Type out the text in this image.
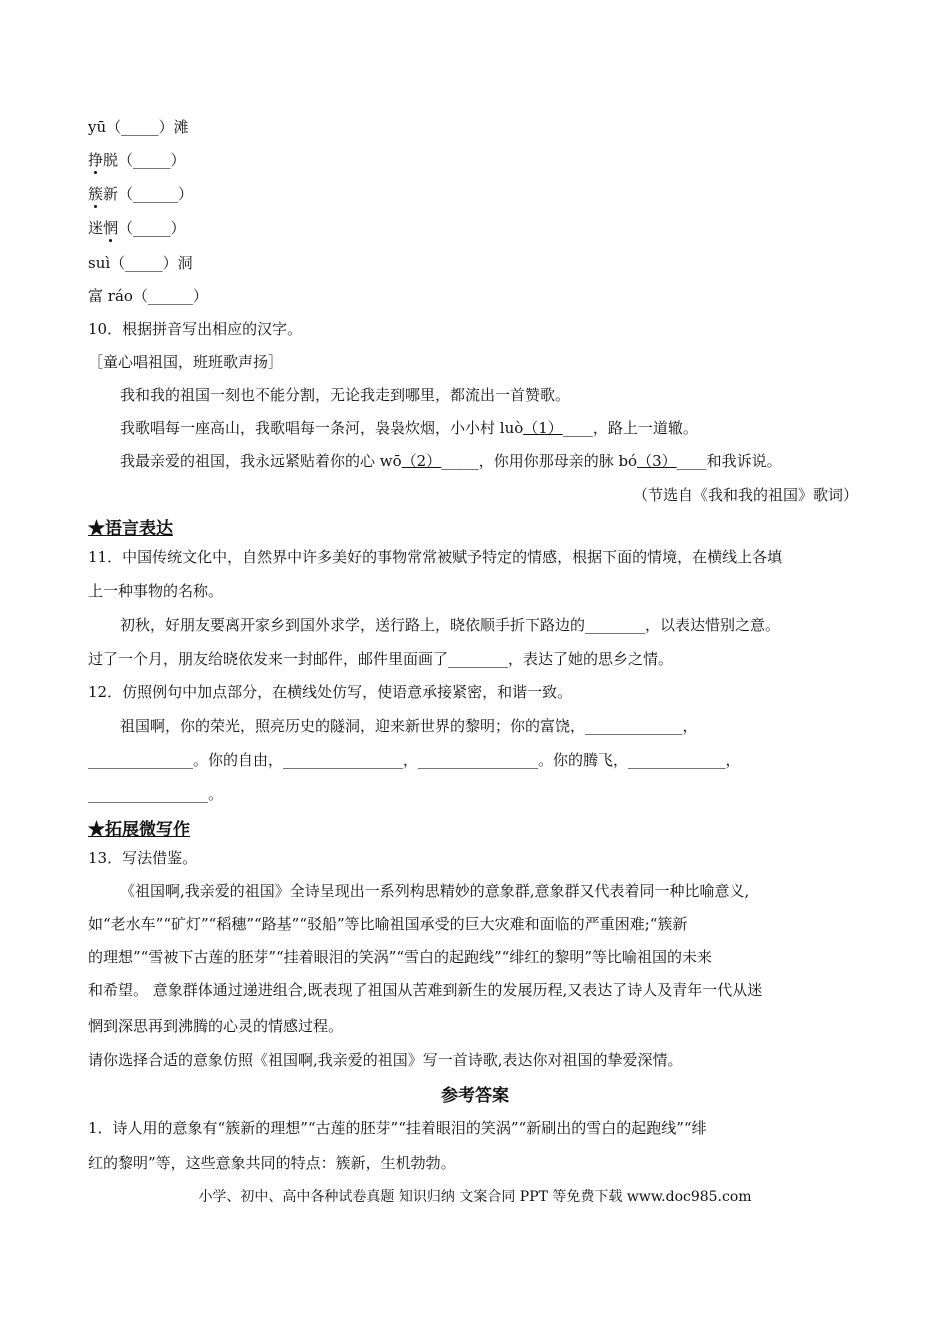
yū（_____）滩
挣脱（_____）
簇新（______）
迷惘（_____）
suì（_____）洞
富 ráo（______）
10．根据拼音写出相应的汉字。
［童心唱祖国，班班歌声扬］
我和我的祖国一刻也不能分割，无论我走到哪里，都流出一首赞歌。
我歌唱每一座高山，我歌唱每一条河，袅袅炊烟，小小村 luò（1）____，路上一道辙。
我最亲爱的祖国，我永远紧贴着你的心 wō（2）_____，你用你那母亲的脉 bó（3）____和我诉说。
（节选自《我和我的祖国》歌词）
★语言表达
11．中国传统文化中，自然界中许多美好的事物常常被赋予特定的情感，根据下面的情境，在横线上各填
上一种事物的名称。
初秋，好朋友要离开家乡到国外求学，送行路上，晓依顺手折下路边的________，以表达惜别之意。
过了一个月，朋友给晓依发来一封邮件，邮件里面画了________，表达了她的思乡之情。
12．仿照例句中加点部分，在横线处仿写，使语意承接紧密，和谐一致。
祖国啊，你的荣光，照亮历史的隧洞，迎来新世界的黎明；你的富饶，_____________，
______________。你的自由，________________，________________。你的腾飞，_____________，
________________。
★拓展微写作
13．写法借鉴。
《祖国啊,我亲爱的祖国》全诗呈现出一系列构思精妙的意象群,意象群又代表着同一种比喻意义,
如“老水车”“矿灯”“稻穗”“路基”“驳船”等比喻祖国承受的巨大灾难和面临的严重困难;“簇新
的理想”“雪被下古莲的胚芽”“挂着眼泪的笑涡”“雪白的起跑线”“绯红的黎明”等比喻祖国的未来
和希望。 意象群体通过递进组合,既表现了祖国从苦难到新生的发展历程,又表达了诗人及青年一代从迷
惘到深思再到沸腾的心灵的情感过程。
请你选择合适的意象仿照《祖国啊,我亲爱的祖国》写一首诗歌,表达你对祖国的挚爱深情。
参考答案
1．诗人用的意象有“簇新的理想”“古莲的胚芽”“挂着眼泪的笑涡”“新刷出的雪白的起跑线”“绯
红的黎明”等，这些意象共同的特点：簇新，生机勃勃。
小学、初中、高中各种试卷真题 知识归纳 文案合同 PPT 等免费下载 www.doc985.com
